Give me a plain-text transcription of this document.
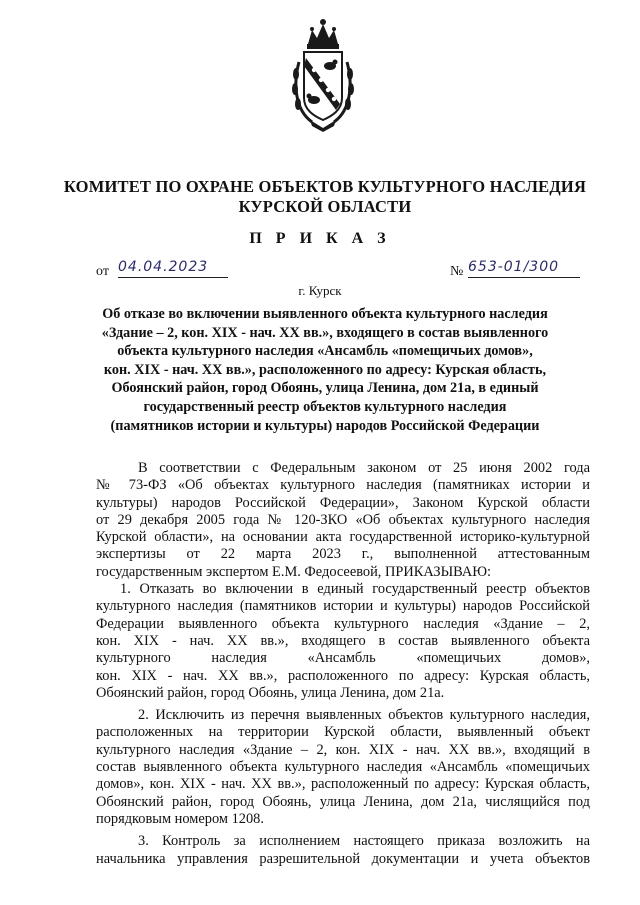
КОМИТЕТ ПО ОХРАНЕ ОБЪЕКТОВ КУЛЬТУРНОГО НАСЛЕДИЯ
КУРСКОЙ ОБЛАСТИ
П Р И К А З
от 04.04.2023	№ 653-01/300
г. Курск
Об отказе во включении выявленного объекта культурного наследия
«Здание – 2, кон. XIX - нач. XX вв.», входящего в состав выявленного
объекта культурного наследия «Ансамбль «помещичьих домов»,
кон. XIX - нач. XX вв.», расположенного по адресу: Курская область,
Обоянский район, город Обоянь, улица Ленина, дом 21а, в единый
государственный реестр объектов культурного наследия
(памятников истории и культуры) народов Российской Федерации
В соответствии с Федеральным законом от 25 июня 2002 года
№ 73-ФЗ «Об объектах культурного наследия (памятниках истории и
культуры) народов Российской Федерации», Законом Курской области
от 29 декабря 2005 года № 120-ЗКО «Об объектах культурного наследия
Курской области», на основании акта государственной историко-культурной
экспертизы от 22 марта 2023 г., выполненной аттестованным
государственным экспертом Е.М. Федосеевой, ПРИКАЗЫВАЮ:
1. Отказать во включении в единый государственный реестр объектов
культурного наследия (памятников истории и культуры) народов Российской
Федерации выявленного объекта культурного наследия «Здание – 2,
кон. XIX - нач. XX вв.», входящего в состав выявленного объекта
культурного наследия «Ансамбль «помещичьих домов»,
кон. XIX - нач. XX вв.», расположенного по адресу: Курская область,
Обоянский район, город Обоянь, улица Ленина, дом 21а.
2. Исключить из перечня выявленных объектов культурного наследия,
расположенных на территории Курской области, выявленный объект
культурного наследия «Здание – 2, кон. XIX - нач. XX вв.», входящий в
состав выявленного объекта культурного наследия «Ансамбль «помещичьих
домов», кон. XIX - нач. XX вв.», расположенный по адресу: Курская область,
Обоянский район, город Обоянь, улица Ленина, дом 21а, числящийся под
порядковым номером 1208.
3. Контроль за исполнением настоящего приказа возложить на
начальника управления разрешительной документации и учета объектов
